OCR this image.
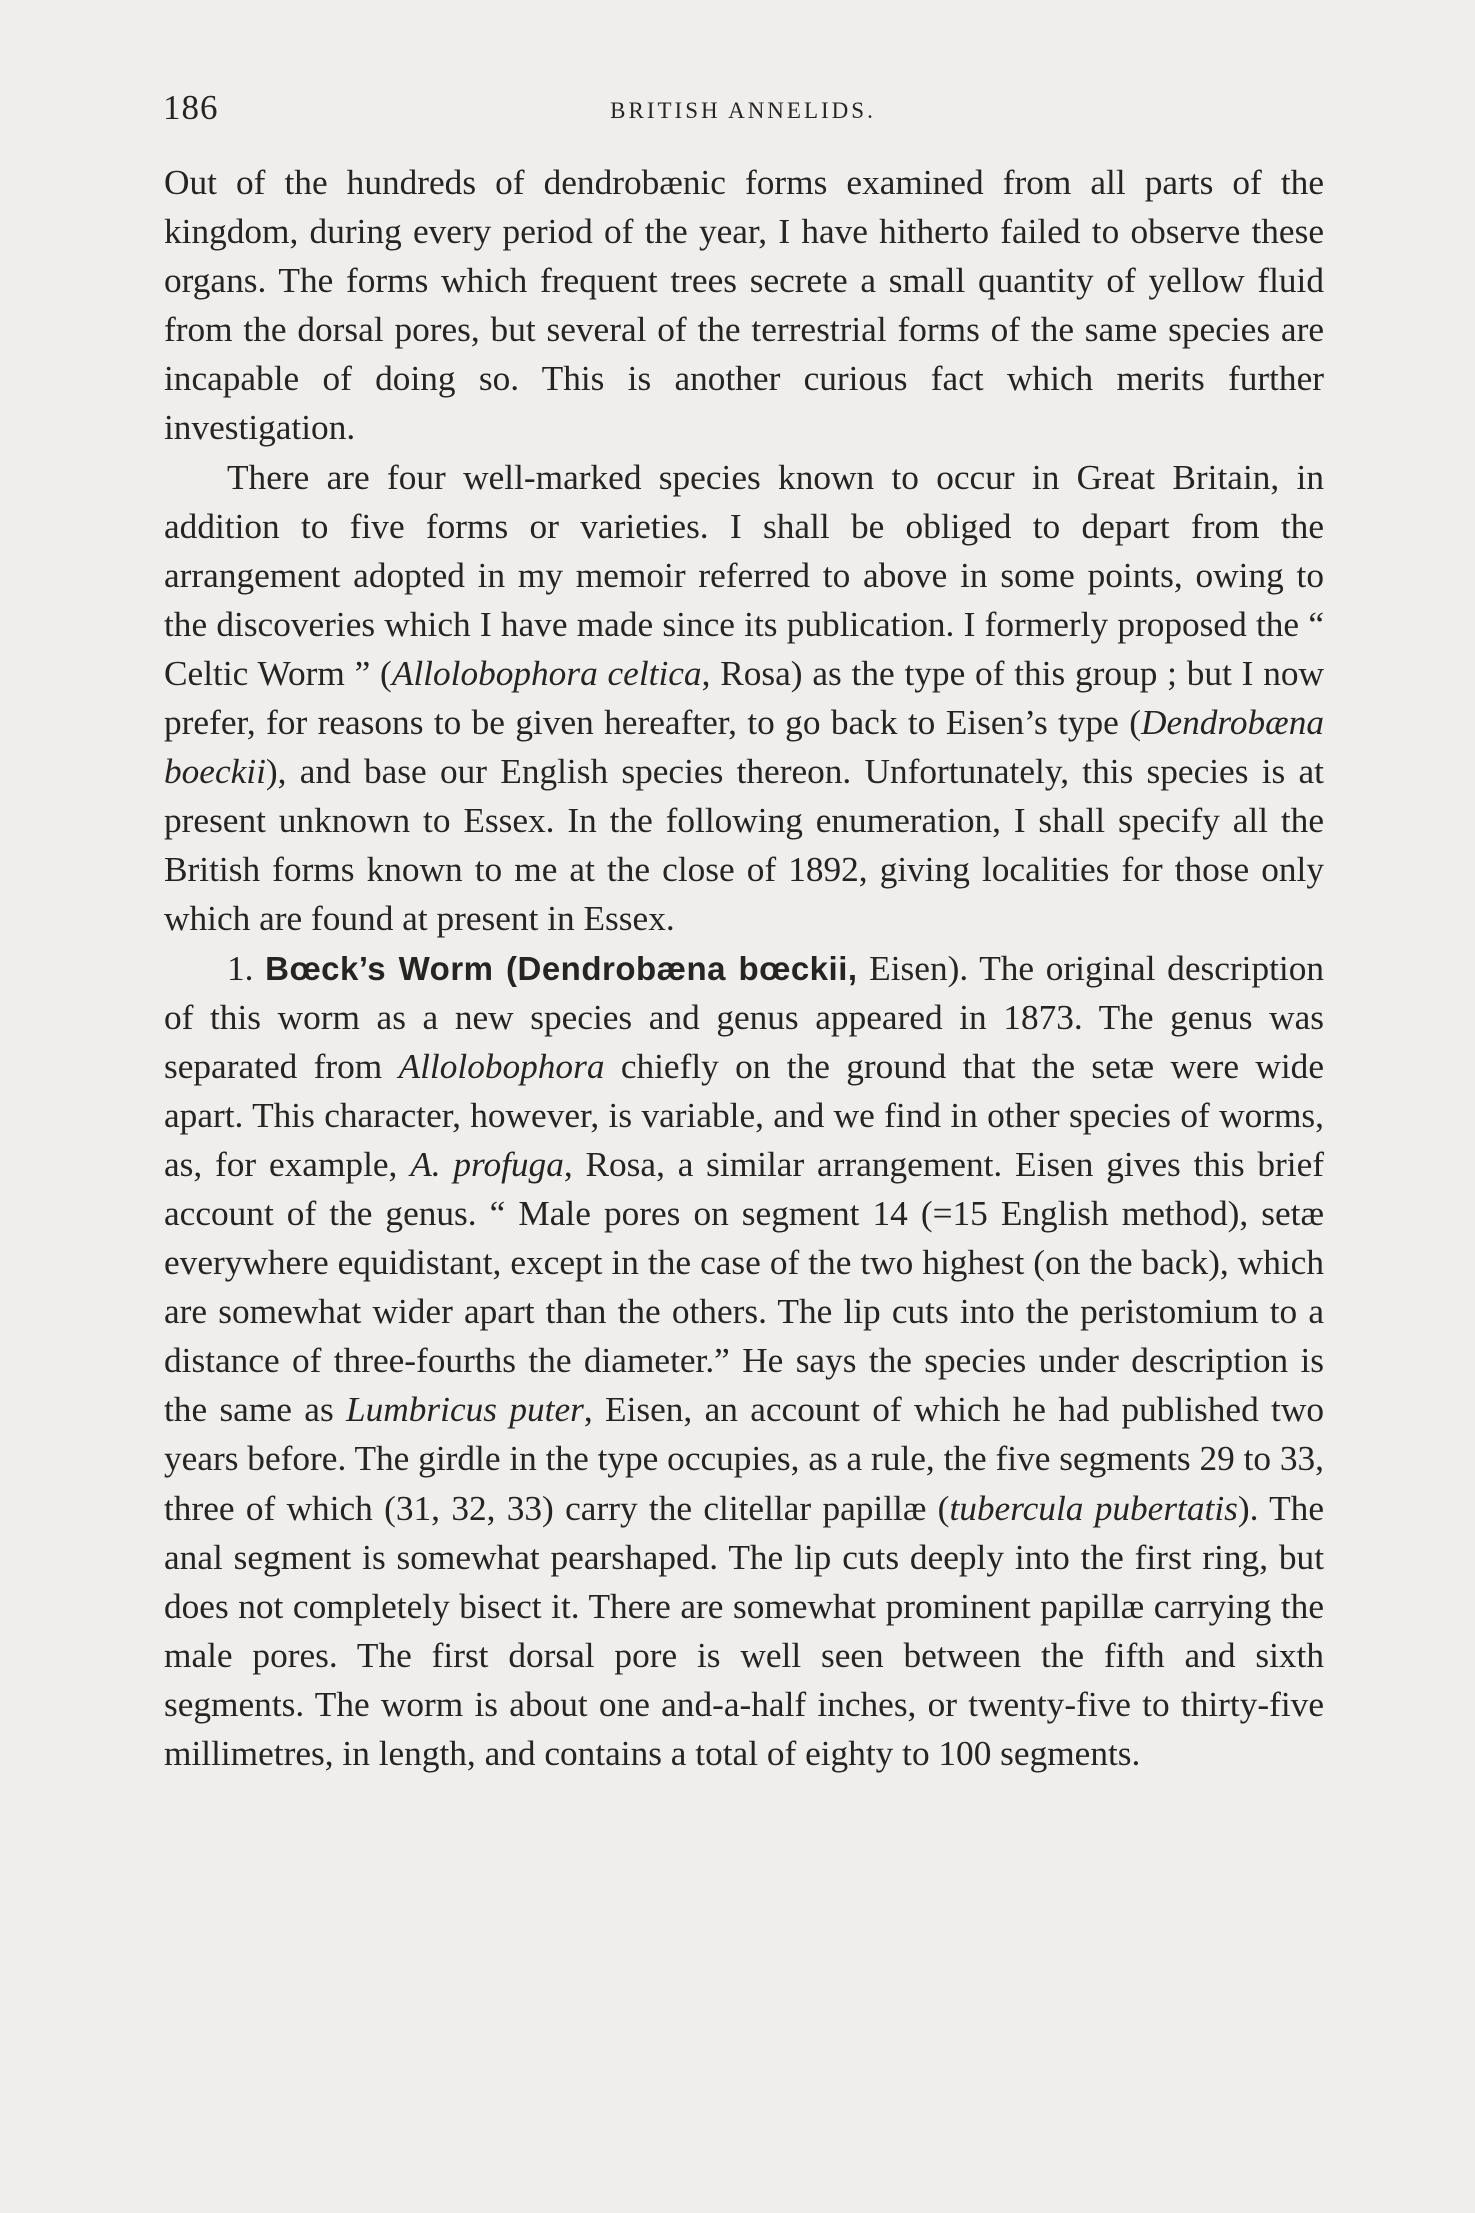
186	BRITISH ANNELIDS.

Out of the hundreds of dendrobænic forms examined from all parts of the kingdom, during every period of the year, I have hitherto failed to observe these organs. The forms which frequent trees secrete a small quantity of yellow fluid from the dorsal pores, but several of the terrestrial forms of the same species are incapable of doing so. This is another curious fact which merits further investigation.

There are four well-marked species known to occur in Great Britain, in addition to five forms or varieties. I shall be obliged to depart from the arrangement adopted in my memoir referred to above in some points, owing to the discoveries which I have made since its publication. I formerly proposed the “ Celtic Worm ” (Allolobophora celtica, Rosa) as the type of this group ; but I now prefer, for reasons to be given hereafter, to go back to Eisen’s type (Dendrobæna boeckii), and base our English species thereon. Unfortunately, this species is at present unknown to Essex. In the following enumeration, I shall specify all the British forms known to me at the close of 1892, giving localities for those only which are found at present in Essex.

1. Bœck’s Worm (Dendrobæna bœckii, Eisen). The original description of this worm as a new species and genus appeared in 1873. The genus was separated from Allolobophora chiefly on the ground that the setæ were wide apart. This character, however, is variable, and we find in other species of worms, as, for example, A. profuga, Rosa, a similar arrangement. Eisen gives this brief account of the genus. “ Male pores on segment 14 (=15 English method), setæ everywhere equidistant, except in the case of the two highest (on the back), which are somewhat wider apart than the others. The lip cuts into the peristomium to a distance of three-fourths the diameter.” He says the species under description is the same as Lumbricus puter, Eisen, an account of which he had published two years before. The girdle in the type occupies, as a rule, the five segments 29 to 33, three of which (31, 32, 33) carry the clitellar papillæ (tubercula pubertatis). The anal segment is somewhat pearshaped. The lip cuts deeply into the first ring, but does not completely bisect it. There are somewhat prominent papillæ carrying the male pores. The first dorsal pore is well seen between the fifth and sixth segments. The worm is about one and-a-half inches, or twenty-five to thirty-five millimetres, in length, and contains a total of eighty to 100 segments.
